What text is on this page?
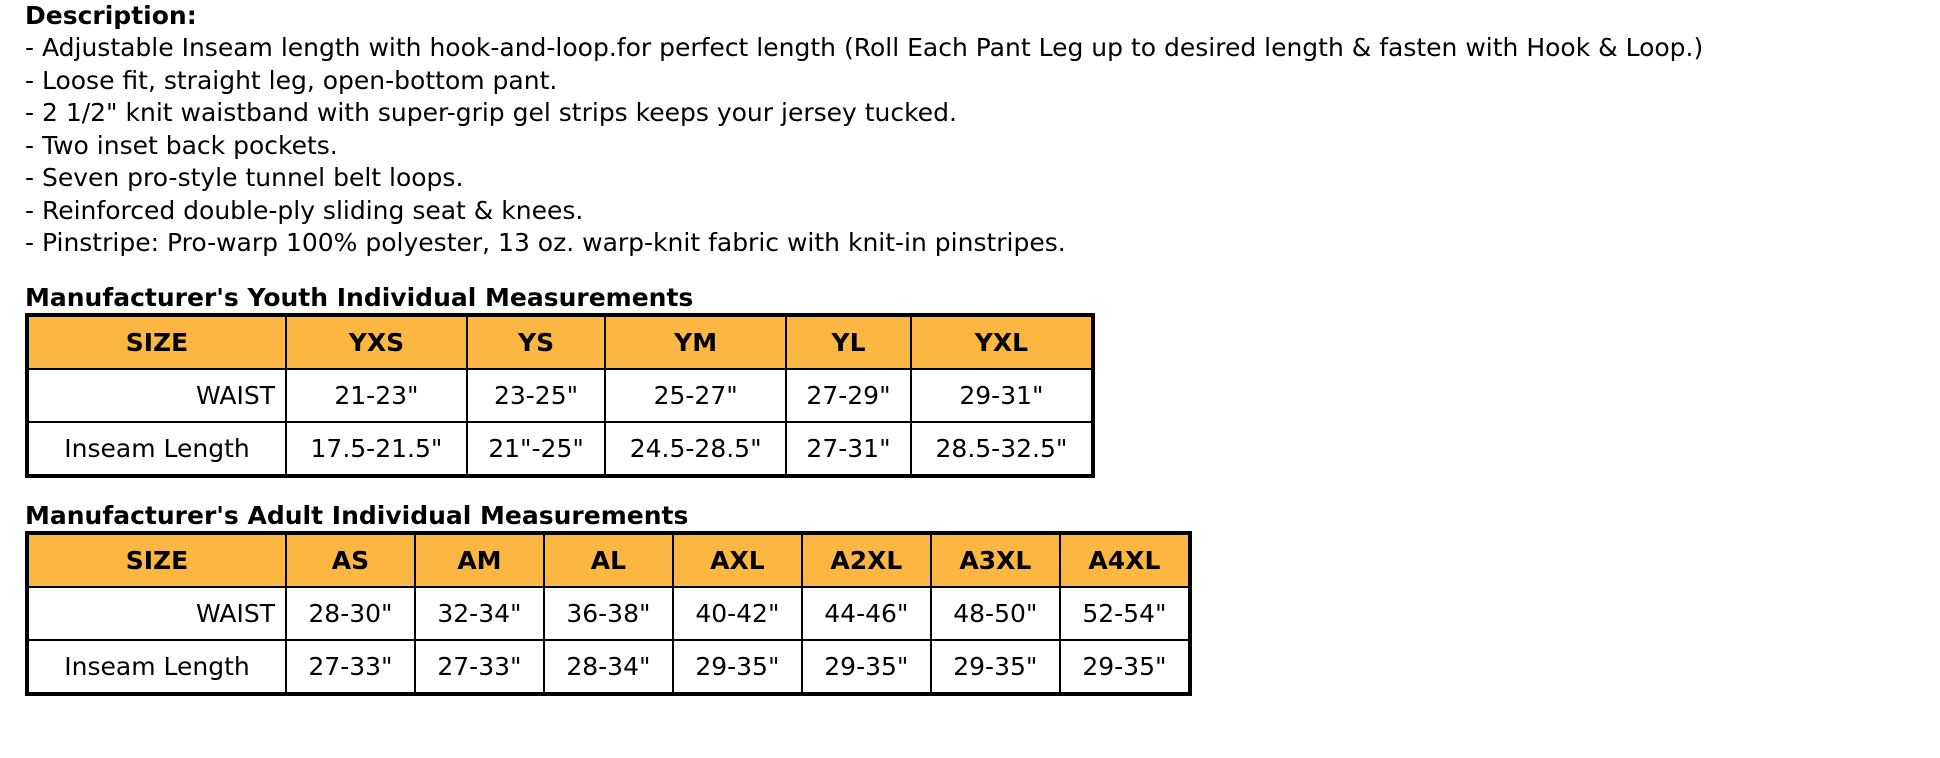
Description:

- Adjustable Inseam length with hook-and-loop.for perfect length (Roll Each Pant Leg up to desired length & fasten with Hook & Loop.)
- Loose fit, straight leg, open-bottom pant.
- 2 1/2" knit waistband with super-grip gel strips keeps your jersey tucked.
- Two inset back pockets.
- Seven pro-style tunnel belt loops.
- Reinforced double-ply sliding seat & knees.
- Pinstripe: Pro-warp 100% polyester, 13 oz. warp-knit fabric with knit-in pinstripes.

Manufacturer's Youth Individual Measurements

SIZE	YXS	YS	YM	YL	YXL
WAIST	21-23"	23-25"	25-27"	27-29"	29-31"
Inseam Length	17.5-21.5"	21"-25"	24.5-28.5"	27-31"	28.5-32.5"

Manufacturer's Adult Individual Measurements

SIZE	AS	AM	AL	AXL	A2XL	A3XL	A4XL
WAIST	28-30"	32-34"	36-38"	40-42"	44-46"	48-50"	52-54"
Inseam Length	27-33"	27-33"	28-34"	29-35"	29-35"	29-35"	29-35"
